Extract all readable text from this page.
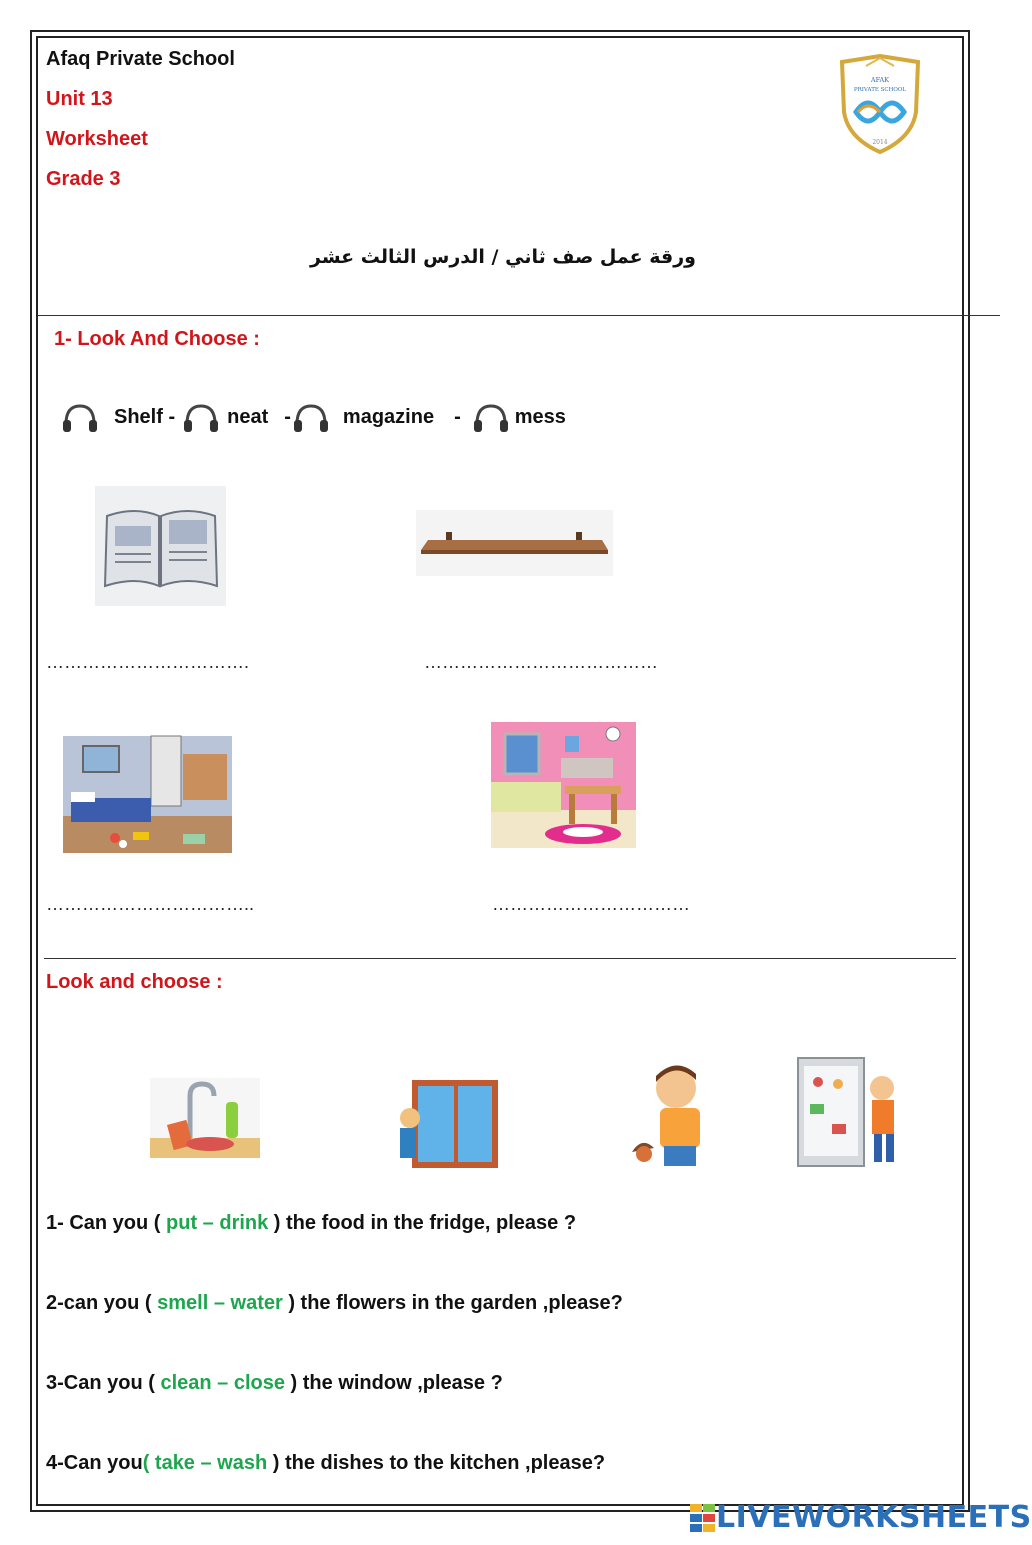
Afaq Private School
Unit 13
Worksheet
Grade 3
AFAK
PRIVATE SCHOOL
2014
ورقة عمل صف ثاني / الدرس الثالث عشر
1- Look And Choose :
Shelf -	neat -	magazine -	mess
…………………………….	…………………………………
……………………………..	……………………………
Look and choose :
1- Can you ( put – drink ) the food in the fridge, please ?
2-can you ( smell – water ) the flowers in the garden ,please?
3-Can you ( clean – close ) the window ,please ?
4-Can you( take – wash ) the dishes to the kitchen ,please?
LIVEWORKSHEETS
